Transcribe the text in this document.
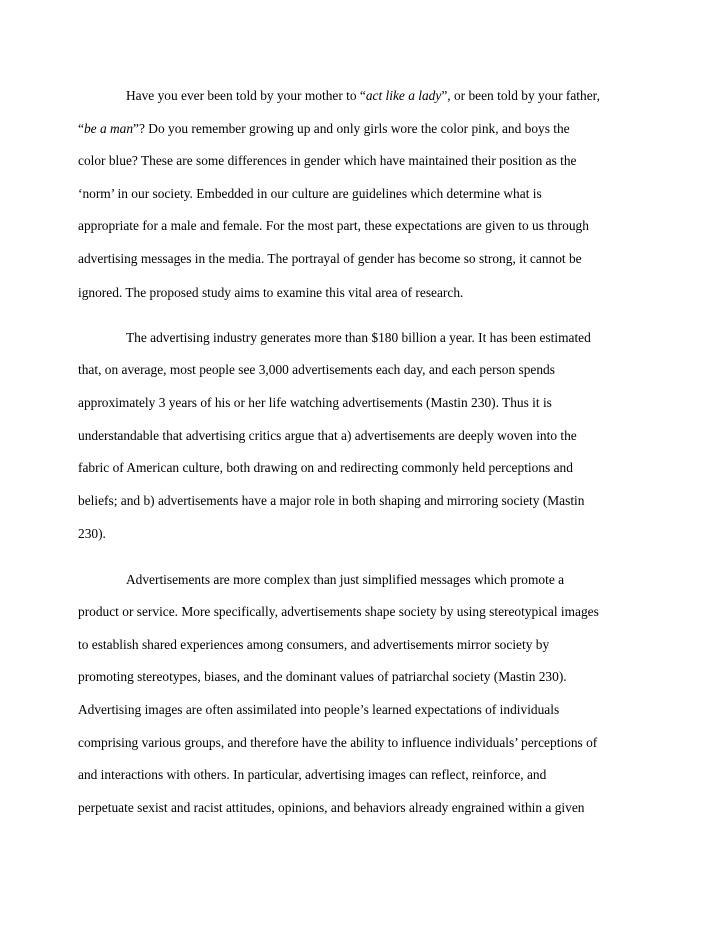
Have you ever been told by your mother to “act like a lady”, or been told by your father,
“be a man”? Do you remember growing up and only girls wore the color pink, and boys the
color blue? These are some differences in gender which have maintained their position as the
‘norm’ in our society. Embedded in our culture are guidelines which determine what is
appropriate for a male and female. For the most part, these expectations are given to us through
advertising messages in the media. The portrayal of gender has become so strong, it cannot be
ignored. The proposed study aims to examine this vital area of research.
The advertising industry generates more than $180 billion a year. It has been estimated
that, on average, most people see 3,000 advertisements each day, and each person spends
approximately 3 years of his or her life watching advertisements (Mastin 230). Thus it is
understandable that advertising critics argue that a) advertisements are deeply woven into the
fabric of American culture, both drawing on and redirecting commonly held perceptions and
beliefs; and b) advertisements have a major role in both shaping and mirroring society (Mastin
230).
Advertisements are more complex than just simplified messages which promote a
product or service. More specifically, advertisements shape society by using stereotypical images
to establish shared experiences among consumers, and advertisements mirror society by
promoting stereotypes, biases, and the dominant values of patriarchal society (Mastin 230).
Advertising images are often assimilated into people’s learned expectations of individuals
comprising various groups, and therefore have the ability to influence individuals’ perceptions of
and interactions with others. In particular, advertising images can reflect, reinforce, and
perpetuate sexist and racist attitudes, opinions, and behaviors already engrained within a given
